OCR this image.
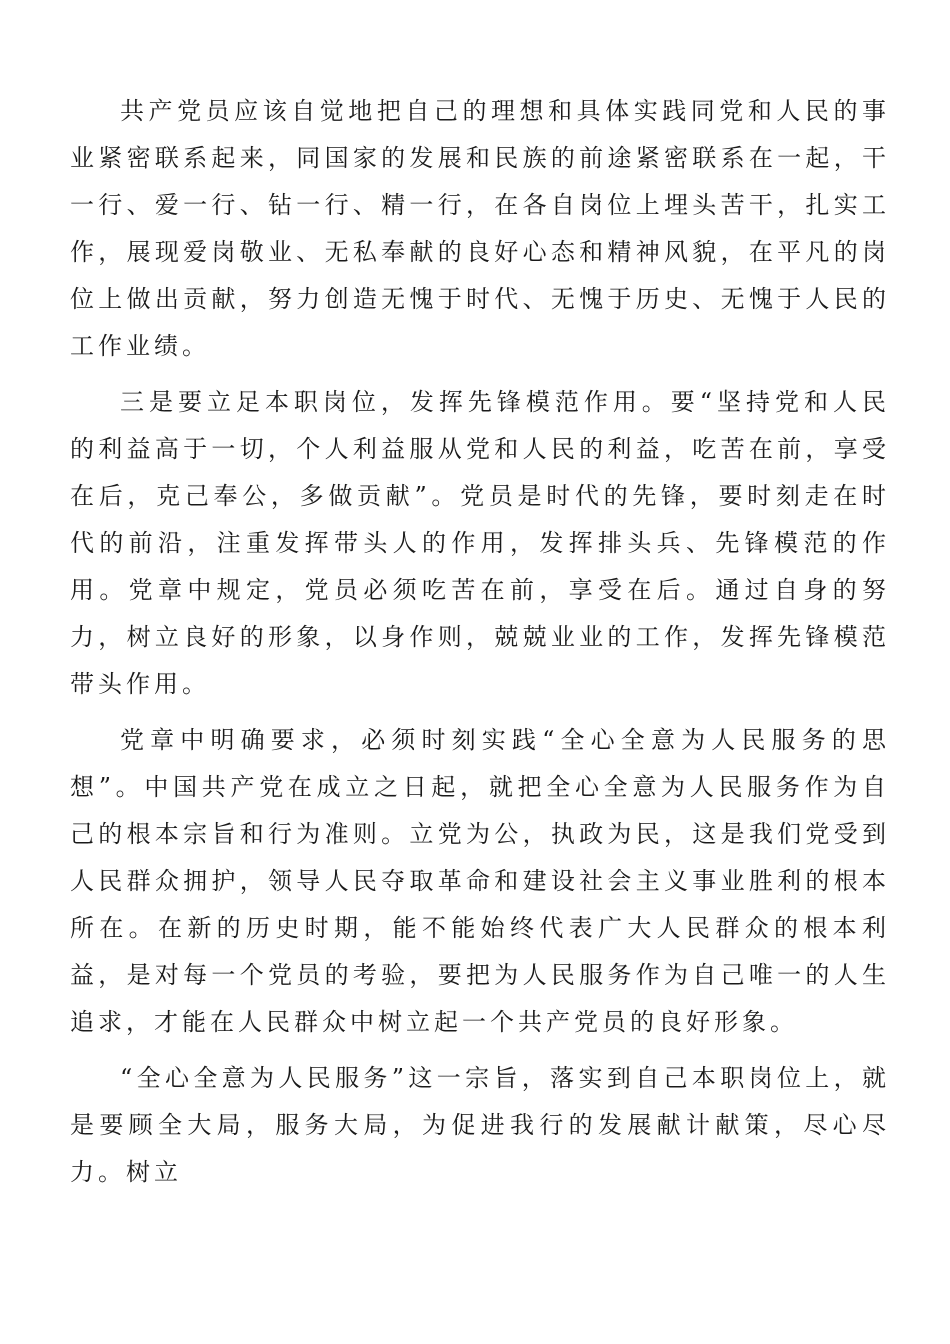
共产党员应该自觉地把自己的理想和具体实践同党和人民的事业紧密联系起来，同国家的发展和民族的前途紧密联系在一起，干一行、爱一行、钻一行、精一行，在各自岗位上埋头苦干，扎实工作，展现爱岗敬业、无私奉献的良好心态和精神风貌，在平凡的岗位上做出贡献，努力创造无愧于时代、无愧于历史、无愧于人民的工作业绩。

三是要立足本职岗位，发挥先锋模范作用。要“坚持党和人民的利益高于一切，个人利益服从党和人民的利益，吃苦在前，享受在后，克己奉公，多做贡献”。党员是时代的先锋，要时刻走在时代的前沿，注重发挥带头人的作用，发挥排头兵、先锋模范的作用。党章中规定，党员必须吃苦在前，享受在后。通过自身的努力，树立良好的形象，以身作则，兢兢业业的工作，发挥先锋模范带头作用。

党章中明确要求，必须时刻实践“全心全意为人民服务的思想”。中国共产党在成立之日起，就把全心全意为人民服务作为自己的根本宗旨和行为准则。立党为公，执政为民，这是我们党受到人民群众拥护，领导人民夺取革命和建设社会主义事业胜利的根本所在。在新的历史时期，能不能始终代表广大人民群众的根本利益，是对每一个党员的考验，要把为人民服务作为自己唯一的人生追求，才能在人民群众中树立起一个共产党员的良好形象。

“全心全意为人民服务”这一宗旨，落实到自己本职岗位上，就是要顾全大局，服务大局，为促进我行的发展献计献策，尽心尽力。树立
